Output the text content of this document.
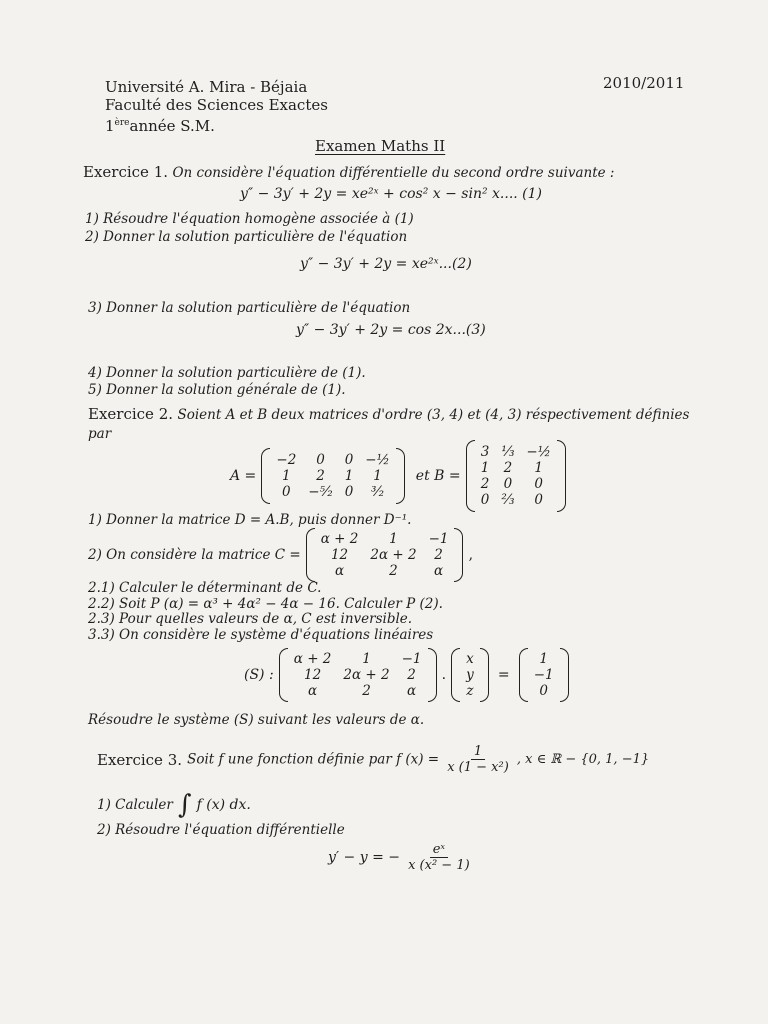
Université A. Mira - Béjaia
Faculté des Sciences Exactes
1èreannée S.M.
2010/2011
Examen Maths II
Exercice 1. On considère l'équation différentielle du second ordre suivante :
y″ − 3y′ + 2y = xe²ˣ + cos² x − sin² x.... (1)
1) Résoudre l'équation homogène associée à (1)
2) Donner la solution particulière de l'équation
y″ − 3y′ + 2y = xe²ˣ...(2)
3) Donner la solution particulière de l'équation
y″ − 3y′ + 2y = cos 2x...(3)
4) Donner la solution particulière de (1).
5) Donner la solution générale de (1).
Exercice 2. Soient A et B deux matrices d'ordre (3, 4) et (4, 3) réspectivement définies
par
A =
−2	0	0	−½
1	2	1	1
0	−⁵⁄₂	0	³⁄₂
et B =
3	⅓	−½
1	2	1
2	0	0
0	⅔	0
1) Donner la matrice D = A.B, puis donner D⁻¹.
2) On considère la matrice C =
α + 2	1	−1
12	2α + 2	2
α	2	α
,
2.1) Calculer le déterminant de C.
2.2) Soit P (α) = α³ + 4α² − 4α − 16. Calculer P (2).
2.3) Pour quelles valeurs de α, C est inversible.
3.3) On considère le système d'équations linéaires
(S) :
α + 2	1	−1
12	2α + 2	2
α	2	α
.
x
y
z
=
1
−1
0
Résoudre le système (S) suivant les valeurs de α.
Exercice 3. Soit f une fonction définie par f $(x) = \frac{1}{\text{x (1 − x²)}}$ , x ∈ ℝ − {0, 1, −1}
1) Calculer ∫ f (x) dx.
2) Résoudre l'équation différentielle
y′ − y = − $\frac{\text{eˣ}}{\text{x (x² − 1)}}$
